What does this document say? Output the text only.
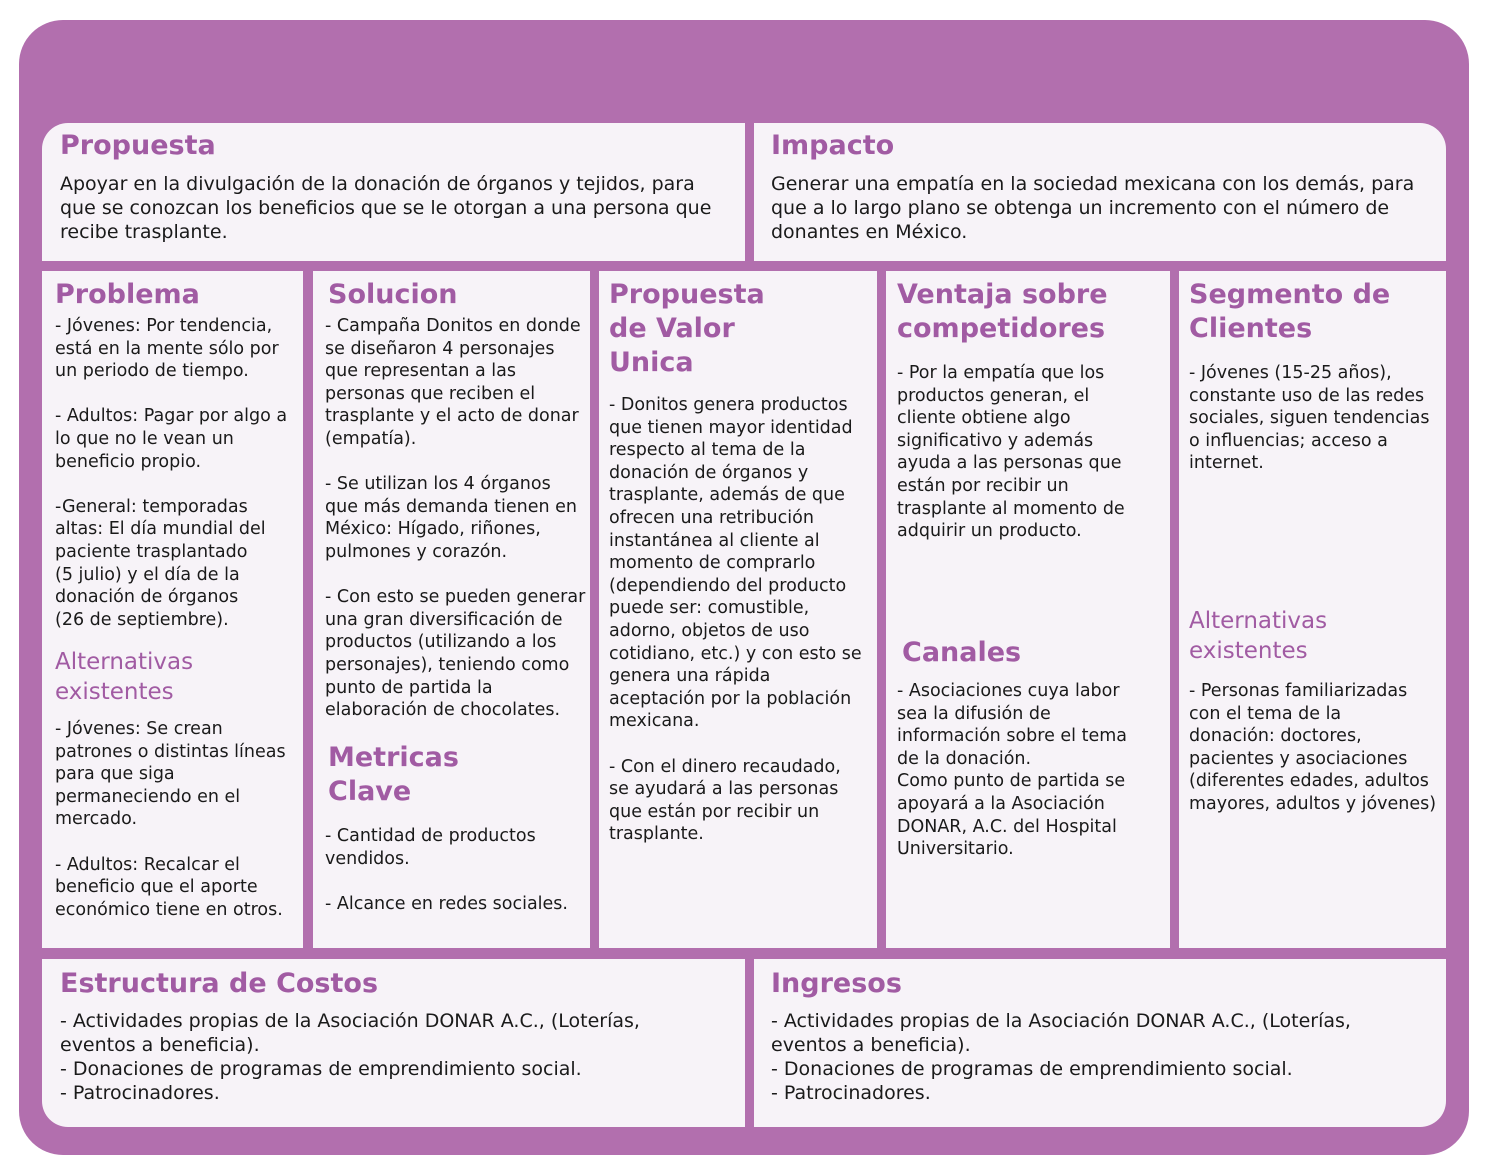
Propuesta
Apoyar en la divulgación de la donación de órganos y tejidos, para
que se conozcan los beneficios que se le otorgan a una persona que
recibe trasplante.
Impacto
Generar una empatía en la sociedad mexicana con los demás, para
que a lo largo plano se obtenga un incremento con el número de
donantes en México.
Problema
- Jóvenes: Por tendencia,
está en la mente sólo por
un periodo de tiempo.

- Adultos: Pagar por algo a
lo que no le vean un
beneficio propio.

-General: temporadas
altas: El día mundial del
paciente trasplantado
(5 julio) y el día de la
donación de órganos
(26 de septiembre).
Alternativas
existentes
- Jóvenes: Se crean
patrones o distintas líneas
para que siga
permaneciendo en el
mercado.

- Adultos: Recalcar el
beneficio que el aporte
económico tiene en otros.
Solucion
- Campaña Donitos en donde
se diseñaron 4 personajes
que representan a las
personas que reciben el
trasplante y el acto de donar
(empatía).

- Se utilizan los 4 órganos
que más demanda tienen en
México: Hígado, riñones,
pulmones y corazón.

- Con esto se pueden generar
una gran diversificación de
productos (utilizando a los
personajes), teniendo como
punto de partida la
elaboración de chocolates.
Metricas
Clave
- Cantidad de productos
vendidos.

- Alcance en redes sociales.
Propuesta
de Valor
Unica
- Donitos genera productos
que tienen mayor identidad
respecto al tema de la
donación de órganos y
trasplante, además de que
ofrecen una retribución
instantánea al cliente al
momento de comprarlo
(dependiendo del producto
puede ser: comustible,
adorno, objetos de uso
cotidiano, etc.) y con esto se
genera una rápida
aceptación por la población
mexicana.

- Con el dinero recaudado,
se ayudará a las personas
que están por recibir un
trasplante.
Ventaja sobre
competidores
- Por la empatía que los
productos generan, el
cliente obtiene algo
significativo y además
ayuda a las personas que
están por recibir un
trasplante al momento de
adquirir un producto.
Canales
- Asociaciones cuya labor
sea la difusión de
información sobre el tema
de la donación.
Como punto de partida se
apoyará a la Asociación
DONAR, A.C. del Hospital
Universitario.
Segmento de
Clientes
- Jóvenes (15-25 años),
constante uso de las redes
sociales, siguen tendencias
o influencias; acceso a
internet.
Alternativas
existentes
- Personas familiarizadas
con el tema de la
donación: doctores,
pacientes y asociaciones
(diferentes edades, adultos
mayores, adultos y jóvenes)
Estructura de Costos
- Actividades propias de la Asociación DONAR A.C., (Loterías,
eventos a beneficia).
- Donaciones de programas de emprendimiento social.
- Patrocinadores.
Ingresos
- Actividades propias de la Asociación DONAR A.C., (Loterías,
eventos a beneficia).
- Donaciones de programas de emprendimiento social.
- Patrocinadores.
